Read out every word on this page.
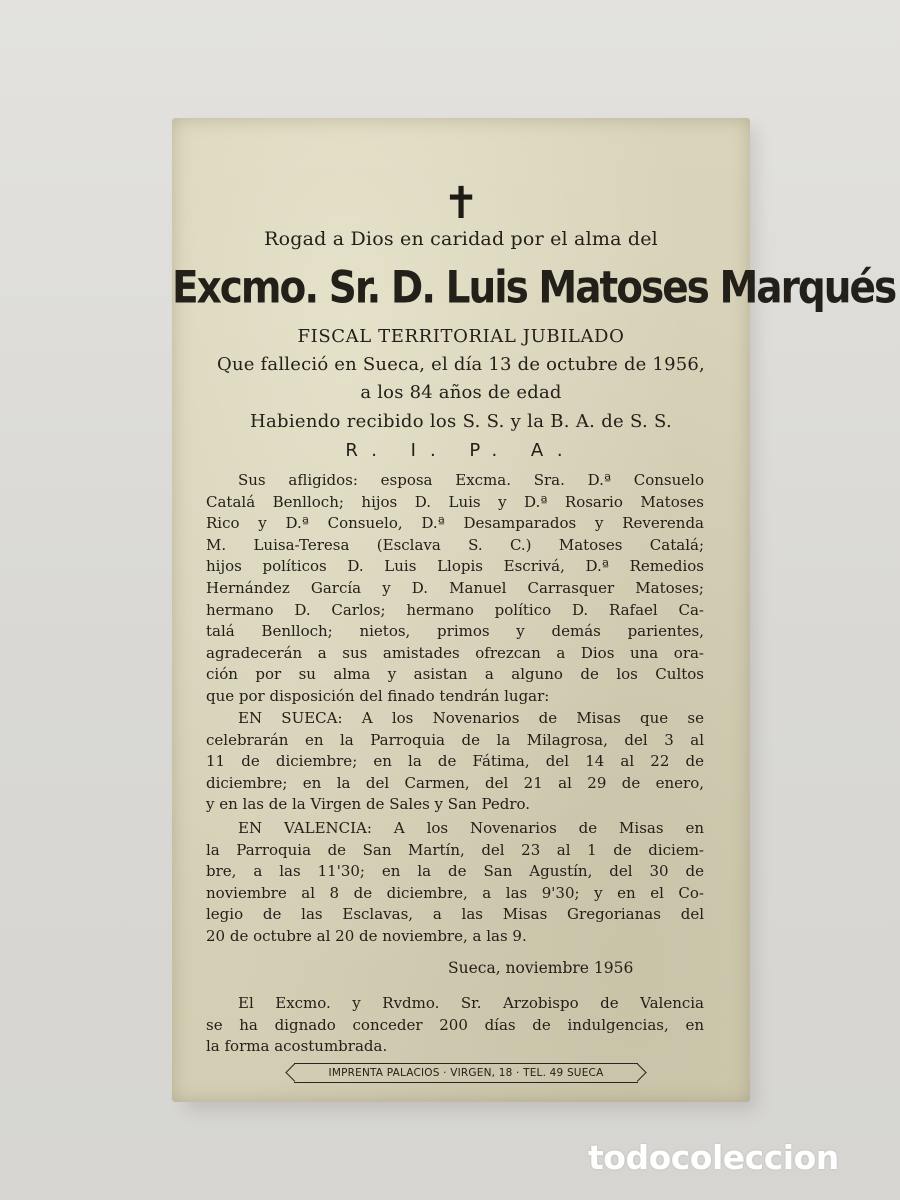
✝
Rogad a Dios en caridad por el alma del
Excmo. Sr. D. Luis Matoses Marqués
FISCAL TERRITORIAL JUBILADO
Que falleció en Sueca, el día 13 de octubre de 1956,
a los 84 años de edad
Habiendo recibido los S. S. y la B. A. de S. S.
R. I. P. A.
Sus afligidos: esposa Excma. Sra. D.ª Consuelo
Catalá Benlloch; hijos D. Luis y D.ª Rosario Matoses
Rico y D.ª Consuelo, D.ª Desamparados y Reverenda
M. Luisa-Teresa (Esclava S. C.) Matoses Catalá;
hijos políticos D. Luis Llopis Escrivá, D.ª Remedios
Hernández García y D. Manuel Carrasquer Matoses;
hermano D. Carlos; hermano político D. Rafael Ca-
talá Benlloch; nietos, primos y demás parientes,
agradecerán a sus amistades ofrezcan a Dios una ora-
ción por su alma y asistan a alguno de los Cultos
que por disposición del finado tendrán lugar:
EN SUECA: A los Novenarios de Misas que se
celebrarán en la Parroquia de la Milagrosa, del 3 al
11 de diciembre; en la de Fátima, del 14 al 22 de
diciembre; en la del Carmen, del 21 al 29 de enero,
y en las de la Virgen de Sales y San Pedro.
EN VALENCIA: A los Novenarios de Misas en
la Parroquia de San Martín, del 23 al 1 de diciem-
bre, a las 11'30; en la de San Agustín, del 30 de
noviembre al 8 de diciembre, a las 9'30; y en el Co-
legio de las Esclavas, a las Misas Gregorianas del
20 de octubre al 20 de noviembre, a las 9.
Sueca, noviembre 1956
El Excmo. y Rvdmo. Sr. Arzobispo de Valencia
se ha dignado conceder 200 días de indulgencias, en
la forma acostumbrada.
IMPRENTA PALACIOS · VIRGEN, 18 · TEL. 49 SUECA
todocoleccion
